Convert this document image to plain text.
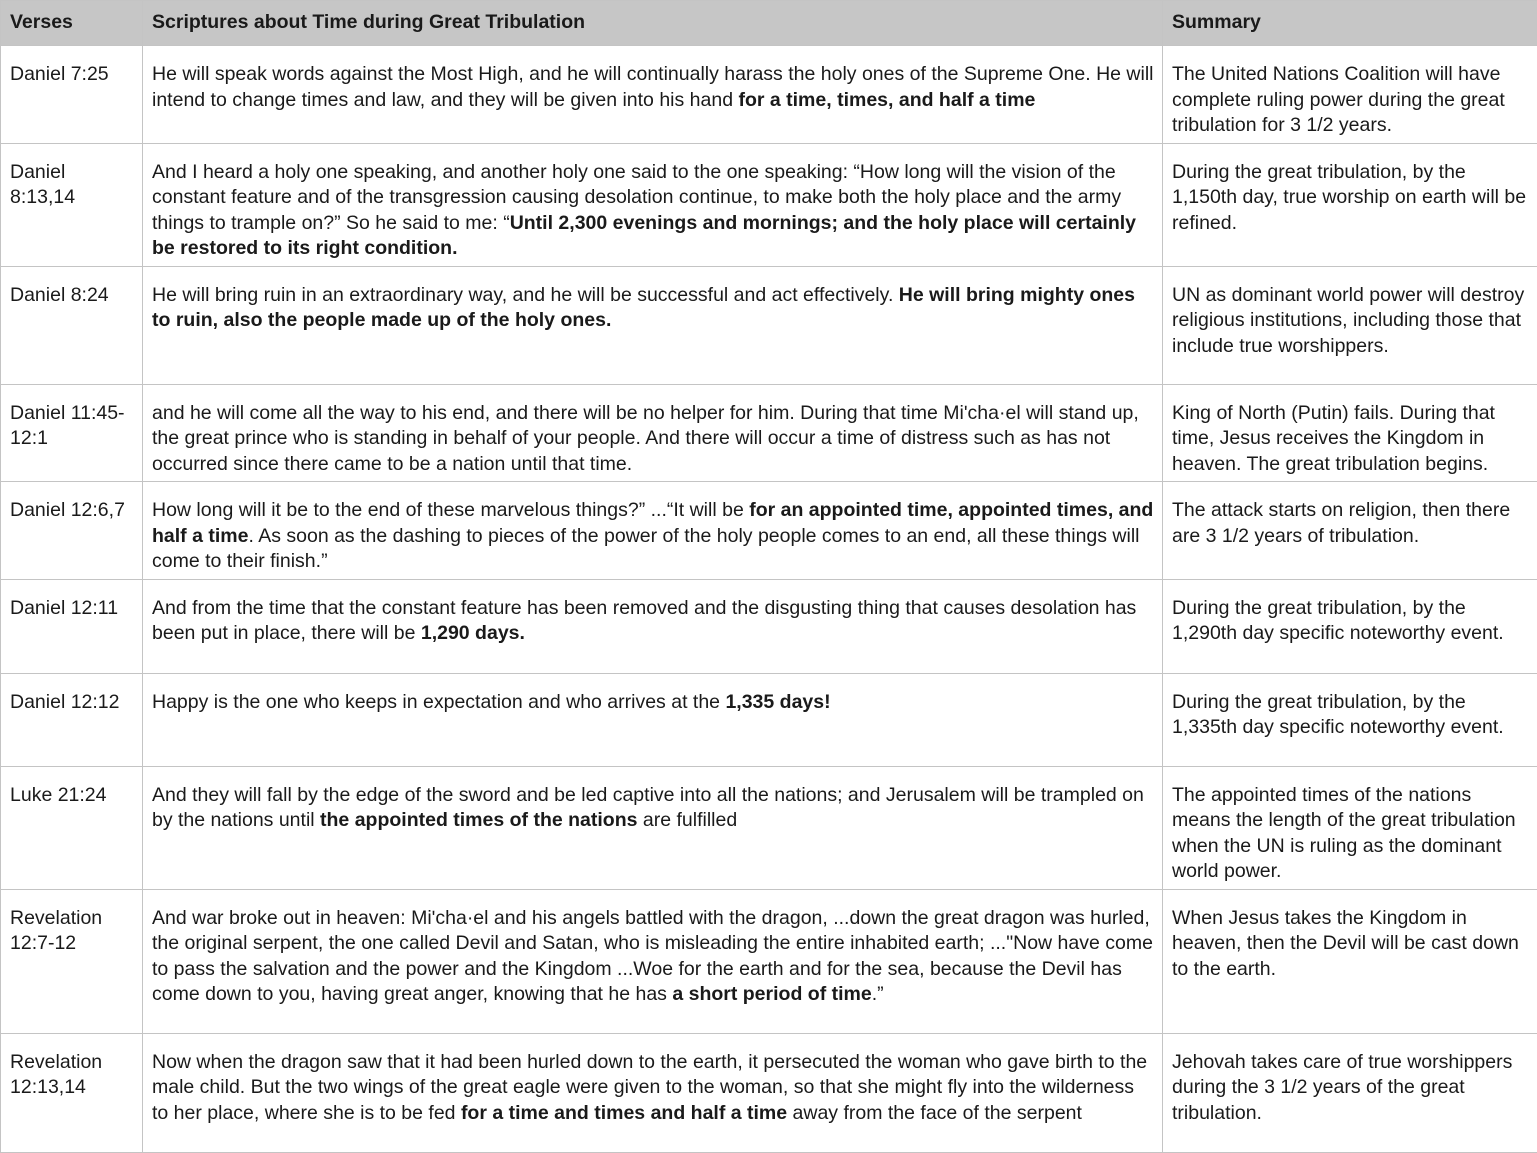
Verses	Scriptures about Time during Great Tribulation	Summary
Daniel 7:25	He will speak words against the Most High, and he will continually harass the holy ones of the Supreme One. He will intend to change times and law, and they will be given into his hand for a time, times, and half a time	The United Nations Coalition will have complete ruling power during the great tribulation for 3 1/2 years.
Daniel 8:13,14	And I heard a holy one speaking, and another holy one said to the one speaking: “How long will the vision of the constant feature and of the transgression causing desolation continue, to make both the holy place and the army things to trample on?” So he said to me: “Until 2,300 evenings and mornings; and the holy place will certainly be restored to its right condition.	During the great tribulation, by the 1,150th day, true worship on earth will be refined.
Daniel 8:24	He will bring ruin in an extraordinary way, and he will be successful and act effectively. He will bring mighty ones to ruin, also the people made up of the holy ones.	UN as dominant world power will destroy religious institutions, including those that include true worshippers.
Daniel 11:45-12:1	and he will come all the way to his end, and there will be no helper for him. During that time Miʹcha·el will stand up, the great prince who is standing in behalf of your people. And there will occur a time of distress such as has not occurred since there came to be a nation until that time.	King of North (Putin) fails. During that time, Jesus receives the Kingdom in heaven. The great tribulation begins.
Daniel 12:6,7	How long will it be to the end of these marvelous things?” ...“It will be for an appointed time, appointed times, and half a time. As soon as the dashing to pieces of the power of the holy people comes to an end, all these things will come to their finish.”	The attack starts on religion, then there are 3 1/2 years of tribulation.
Daniel 12:11	And from the time that the constant feature has been removed and the disgusting thing that causes desolation has been put in place, there will be 1,290 days.	During the great tribulation, by the 1,290th day specific noteworthy event.
Daniel 12:12	Happy is the one who keeps in expectation and who arrives at the 1,335 days!	During the great tribulation, by the 1,335th day specific noteworthy event.
Luke 21:24	And they will fall by the edge of the sword and be led captive into all the nations; and Jerusalem will be trampled on by the nations until the appointed times of the nations are fulfilled	The appointed times of the nations means the length of the great tribulation when the UN is ruling as the dominant world power.
Revelation 12:7-12	And war broke out in heaven: Miʹcha·el and his angels battled with the dragon, ...down the great dragon was hurled, the original serpent, the one called Devil and Satan, who is misleading the entire inhabited earth; ..."Now have come to pass the salvation and the power and the Kingdom ...Woe for the earth and for the sea, because the Devil has come down to you, having great anger, knowing that he has a short period of time.”	When Jesus takes the Kingdom in heaven, then the Devil will be cast down to the earth.
Revelation 12:13,14	Now when the dragon saw that it had been hurled down to the earth, it persecuted the woman who gave birth to the male child. But the two wings of the great eagle were given to the woman, so that she might fly into the wilderness to her place, where she is to be fed for a time and times and half a time away from the face of the serpent	Jehovah takes care of true worshippers during the 3 1/2 years of the great tribulation.
